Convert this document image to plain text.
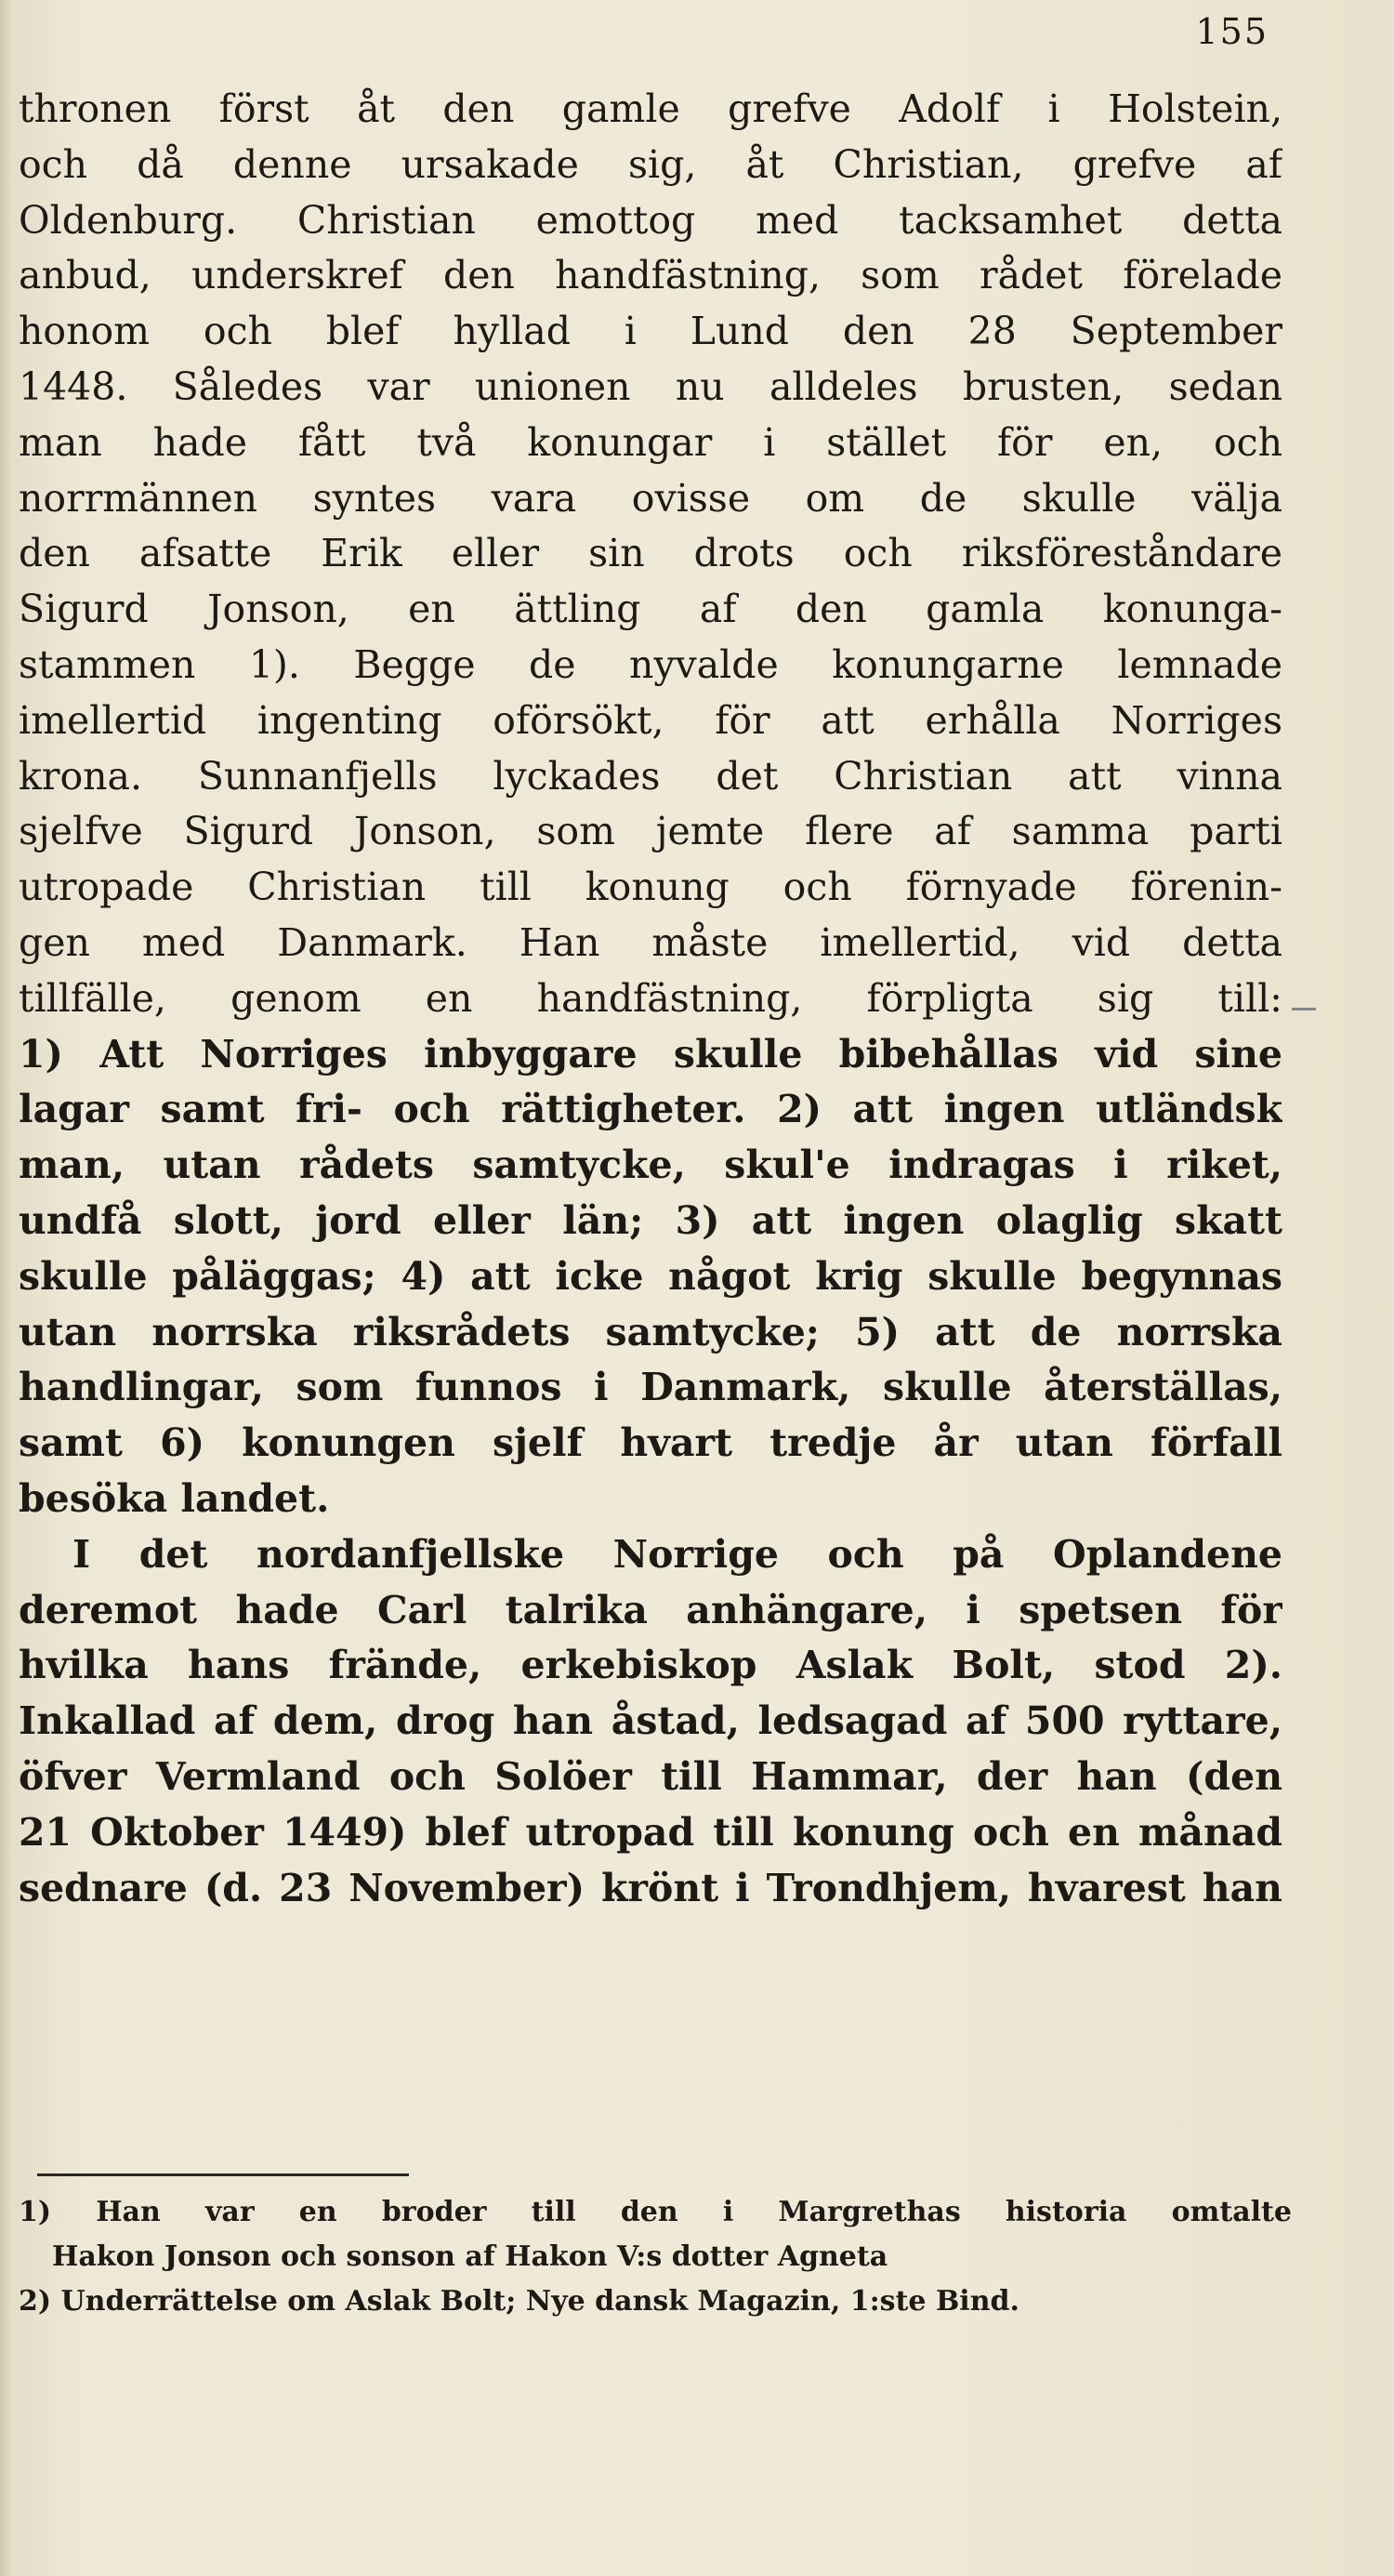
155
thronen först åt den gamle grefve Adolf i Holstein,
och då denne ursakade sig, åt Christian, grefve af
Oldenburg. Christian emottog med tacksamhet detta
anbud, underskref den handfästning, som rådet förelade
honom och blef hyllad i Lund den 28 September
1448. Således var unionen nu alldeles brusten, sedan
man hade fått två konungar i stället för en, och
norrmännen syntes vara ovisse om de skulle välja
den afsatte Erik eller sin drots och riksföreståndare
Sigurd Jonson, en ättling af den gamla konunga-
stammen 1). Begge de nyvalde konungarne lemnade
imellertid ingenting oförsökt, för att erhålla Norriges
krona. Sunnanfjells lyckades det Christian att vinna
sjelfve Sigurd Jonson, som jemte flere af samma parti
utropade Christian till konung och förnyade förenin-
gen med Danmark. Han måste imellertid, vid detta
tillfälle, genom en handfästning, förpligta sig till:
1) Att Norriges inbyggare skulle bibehållas vid sine
lagar samt fri- och rättigheter. 2) att ingen utländsk
man, utan rådets samtycke, skul'e indragas i riket,
undfå slott, jord eller län; 3) att ingen olaglig skatt
skulle påläggas; 4) att icke något krig skulle begynnas
utan norrska riksrådets samtycke; 5) att de norrska
handlingar, som funnos i Danmark, skulle återställas,
samt 6) konungen sjelf hvart tredje år utan förfall
besöka landet.
I det nordanfjellske Norrige och på Oplandene
deremot hade Carl talrika anhängare, i spetsen för
hvilka hans frände, erkebiskop Aslak Bolt, stod 2).
Inkallad af dem, drog han åstad, ledsagad af 500 ryttare,
öfver Vermland och Solöer till Hammar, der han (den
21 Oktober 1449) blef utropad till konung och en månad
sednare (d. 23 November) krönt i Trondhjem, hvarest han
1) Han var en broder till den i Margrethas historia omtalte
Hakon Jonson och sonson af Hakon V:s dotter Agneta
2) Underrättelse om Aslak Bolt; Nye dansk Magazin, 1:ste Bind.
